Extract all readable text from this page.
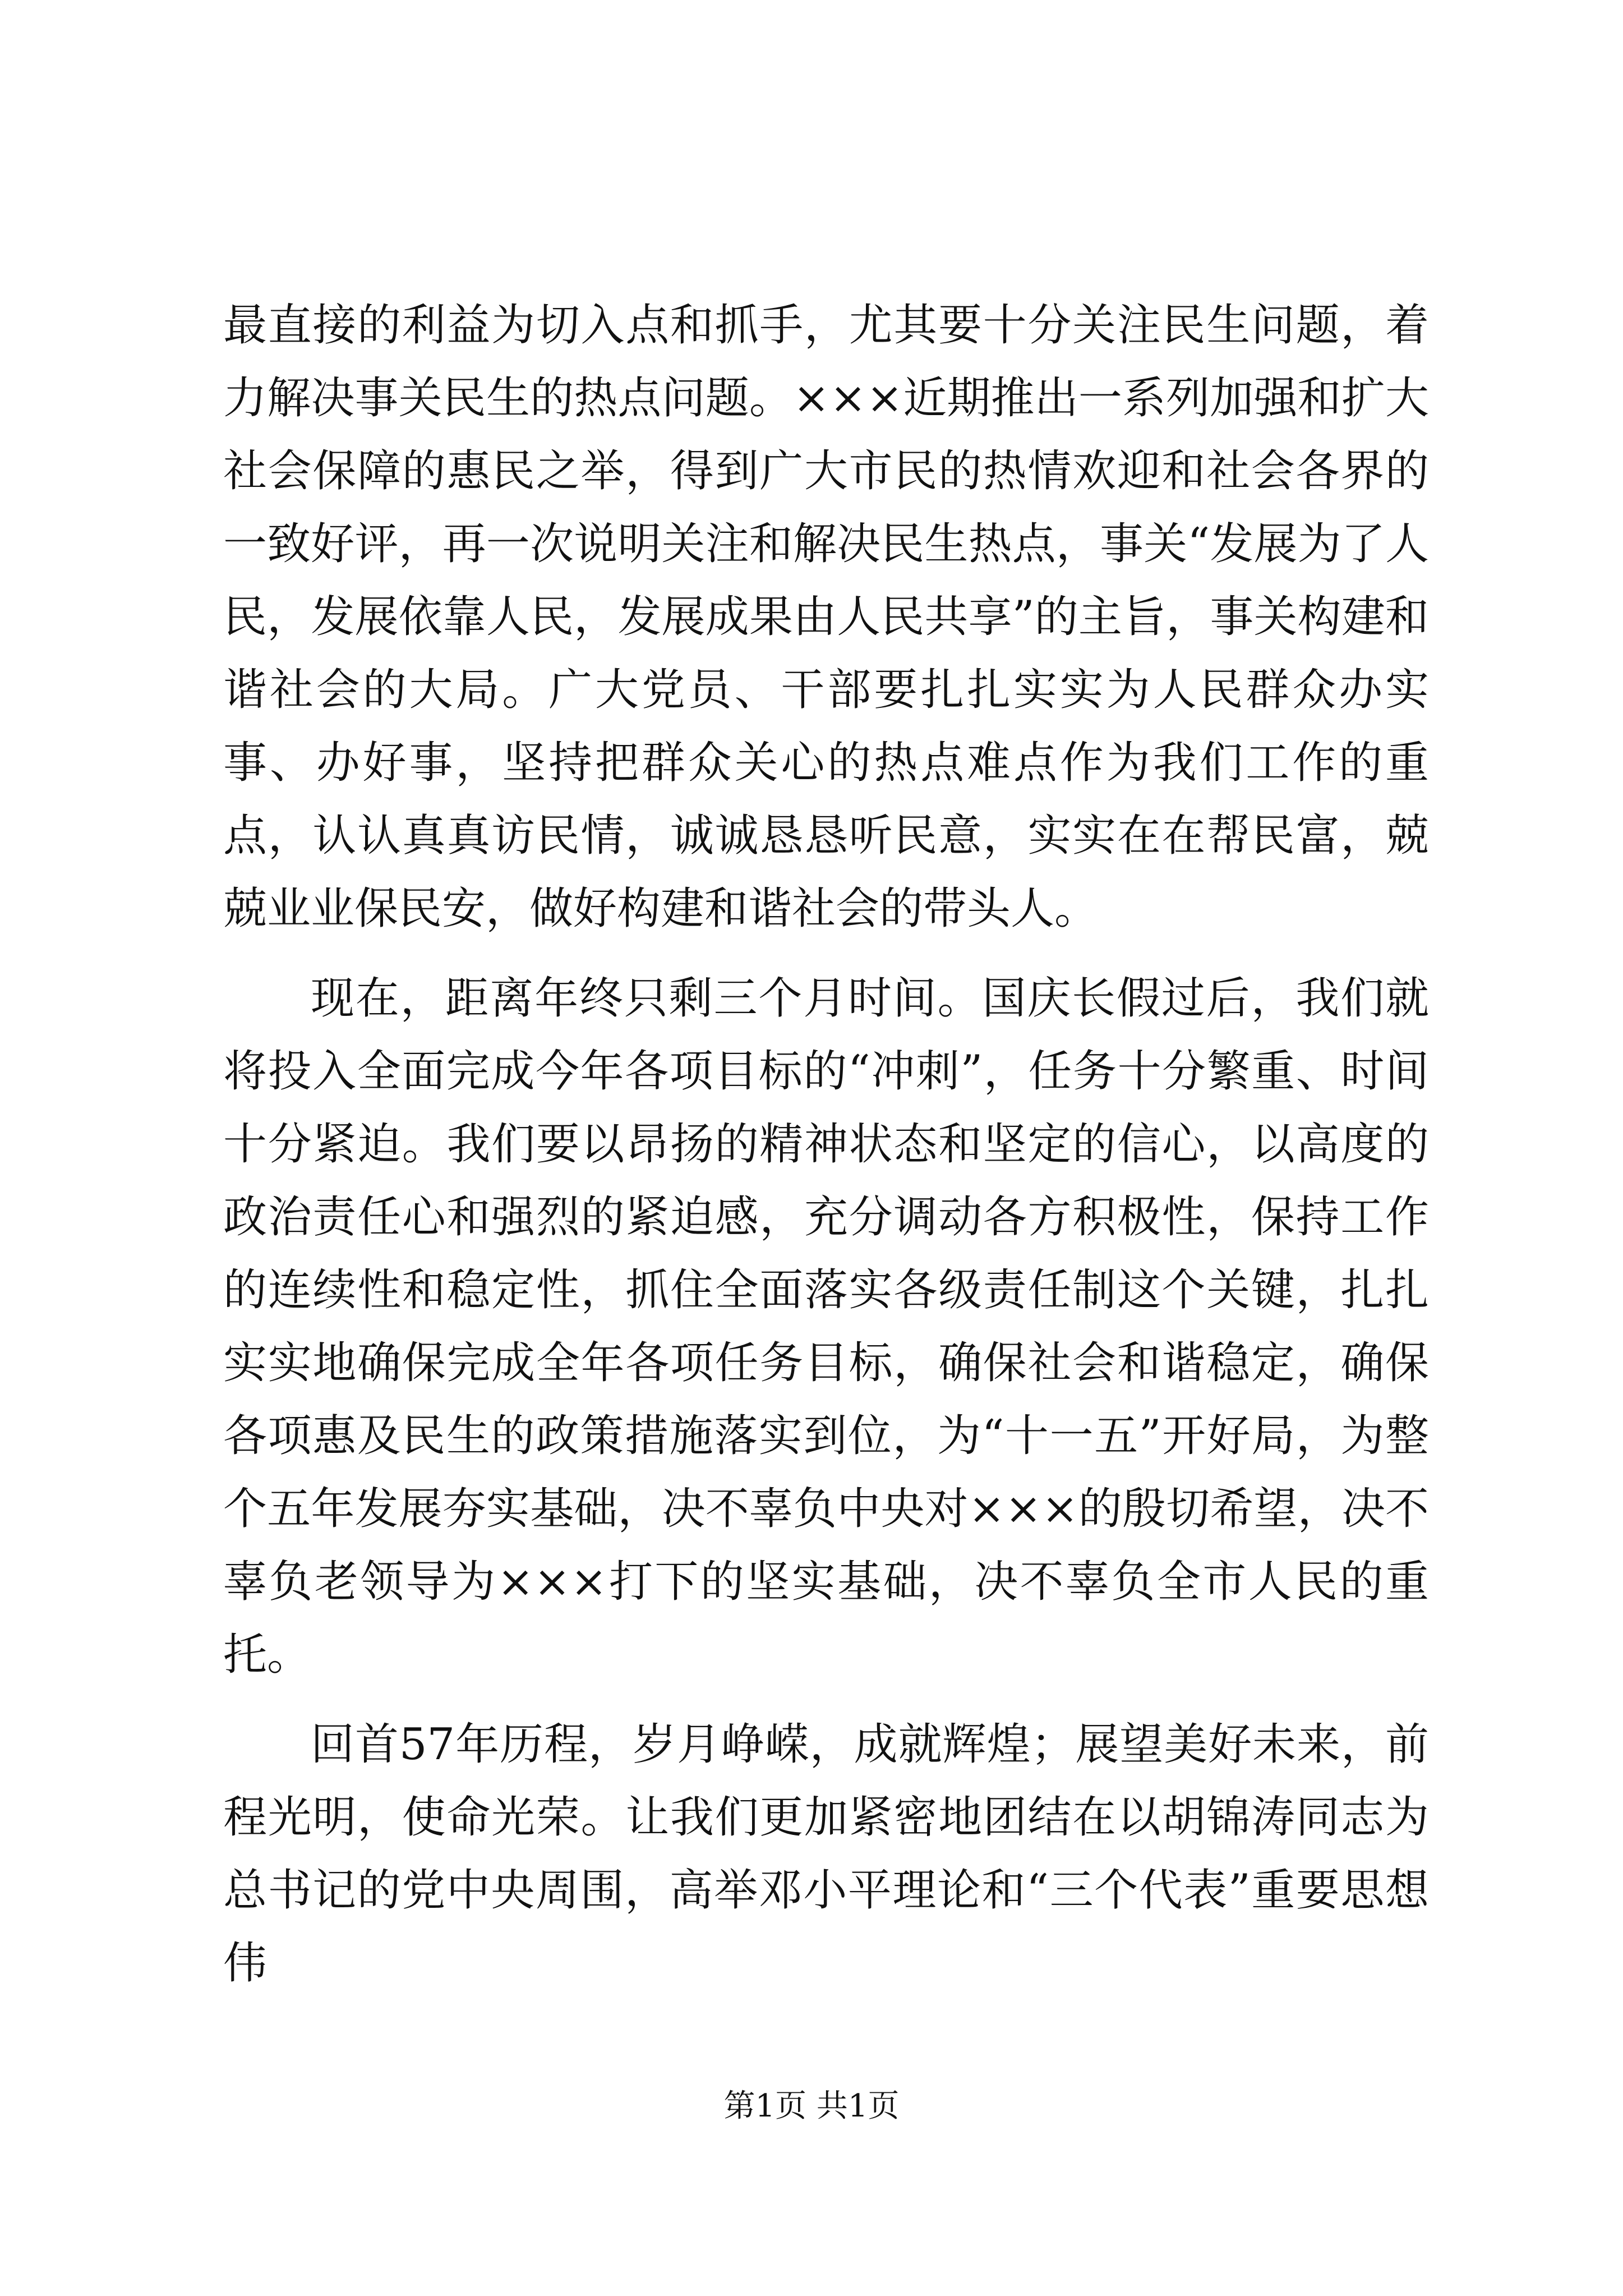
最直接的利益为切入点和抓手，尤其要十分关注民生问题，着力解决事关民生的热点问题。×××近期推出一系列加强和扩大社会保障的惠民之举，得到广大市民的热情欢迎和社会各界的一致好评，再一次说明关注和解决民生热点，事关“发展为了人民，发展依靠人民，发展成果由人民共享”的主旨，事关构建和谐社会的大局。广大党员、干部要扎扎实实为人民群众办实事、办好事，坚持把群众关心的热点难点作为我们工作的重点，认认真真访民情，诚诚恳恳听民意，实实在在帮民富，兢兢业业保民安，做好构建和谐社会的带头人。

现在，距离年终只剩三个月时间。国庆长假过后，我们就将投入全面完成今年各项目标的“冲刺”，任务十分繁重、时间十分紧迫。我们要以昂扬的精神状态和坚定的信心，以高度的政治责任心和强烈的紧迫感，充分调动各方积极性，保持工作的连续性和稳定性，抓住全面落实各级责任制这个关键，扎扎实实地确保完成全年各项任务目标，确保社会和谐稳定，确保各项惠及民生的政策措施落实到位，为“十一五”开好局，为整个五年发展夯实基础，决不辜负中央对×××的殷切希望，决不辜负老领导为×××打下的坚实基础，决不辜负全市人民的重托。

回首57年历程，岁月峥嵘，成就辉煌；展望美好未来，前程光明，使命光荣。让我们更加紧密地团结在以胡锦涛同志为总书记的党中央周围，高举邓小平理论和“三个代表”重要思想伟

第1页 共1页
